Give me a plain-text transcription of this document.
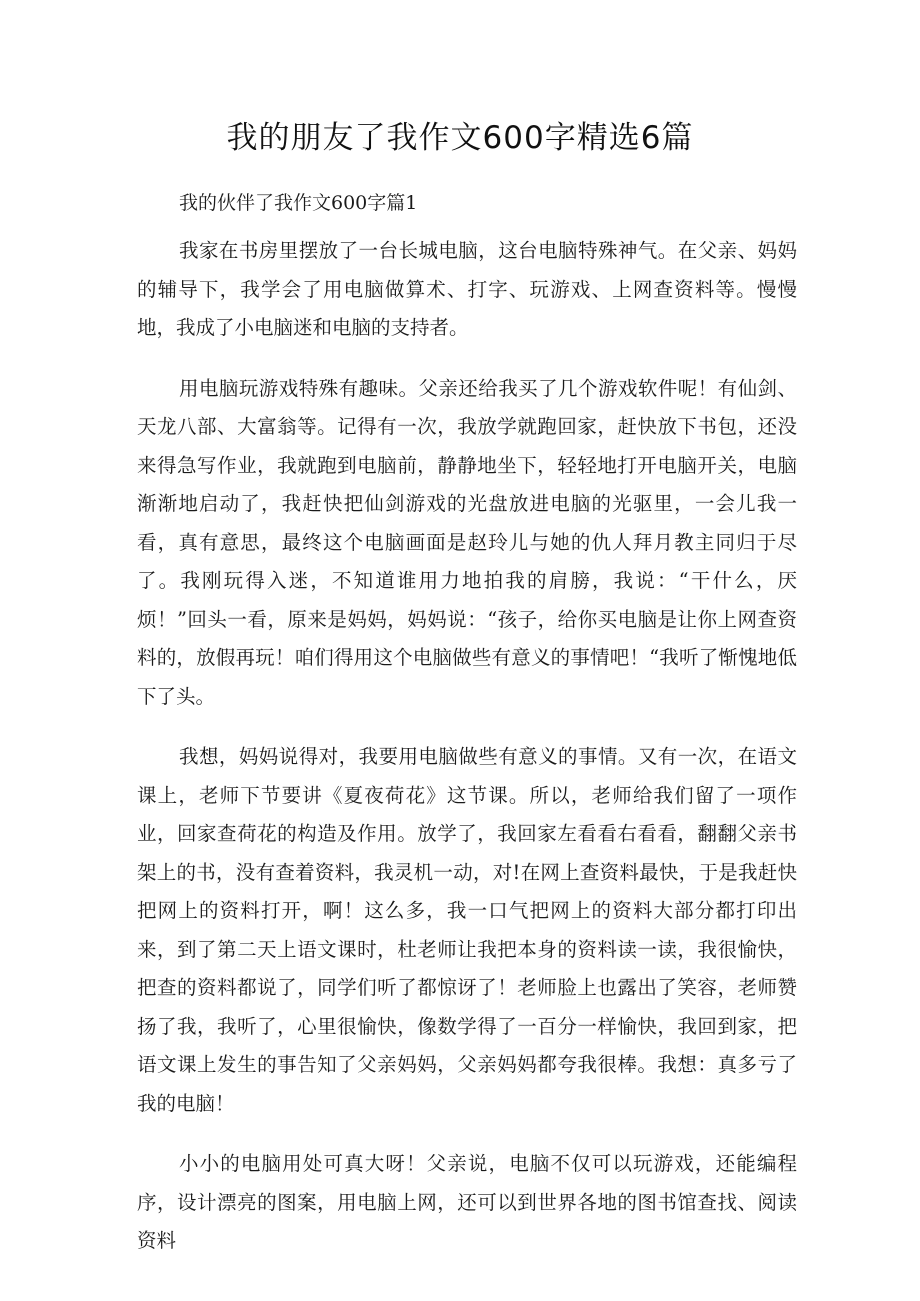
我的朋友了我作文600字精选6篇

我的伙伴了我作文600字篇1

我家在书房里摆放了一台长城电脑，这台电脑特殊神气。在父亲、妈妈的辅导下，我学会了用电脑做算术、打字、玩游戏、上网查资料等。慢慢地，我成了小电脑迷和电脑的支持者。

用电脑玩游戏特殊有趣味。父亲还给我买了几个游戏软件呢！有仙剑、天龙八部、大富翁等。记得有一次，我放学就跑回家，赶快放下书包，还没来得急写作业，我就跑到电脑前，静静地坐下，轻轻地打开电脑开关，电脑渐渐地启动了，我赶快把仙剑游戏的光盘放进电脑的光驱里，一会儿我一看，真有意思，最终这个电脑画面是赵玲儿与她的仇人拜月教主同归于尽了。我刚玩得入迷，不知道谁用力地拍我的肩膀，我说：“干什么，厌烦！”回头一看，原来是妈妈，妈妈说：“孩子，给你买电脑是让你上网查资料的，放假再玩！咱们得用这个电脑做些有意义的事情吧！“我听了惭愧地低下了头。

我想，妈妈说得对，我要用电脑做些有意义的事情。又有一次，在语文课上，老师下节要讲《夏夜荷花》这节课。所以，老师给我们留了一项作业，回家查荷花的构造及作用。放学了，我回家左看看右看看，翻翻父亲书架上的书，没有查着资料，我灵机一动，对!在网上查资料最快，于是我赶快把网上的资料打开，啊！这么多，我一口气把网上的资料大部分都打印出来，到了第二天上语文课时，杜老师让我把本身的资料读一读，我很愉快，把查的资料都说了，同学们听了都惊讶了！老师脸上也露出了笑容，老师赞扬了我，我听了，心里很愉快，像数学得了一百分一样愉快，我回到家，把语文课上发生的事告知了父亲妈妈，父亲妈妈都夸我很棒。我想：真多亏了我的电脑！

小小的电脑用处可真大呀！父亲说，电脑不仅可以玩游戏，还能编程序，设计漂亮的图案，用电脑上网，还可以到世界各地的图书馆查找、阅读资料
